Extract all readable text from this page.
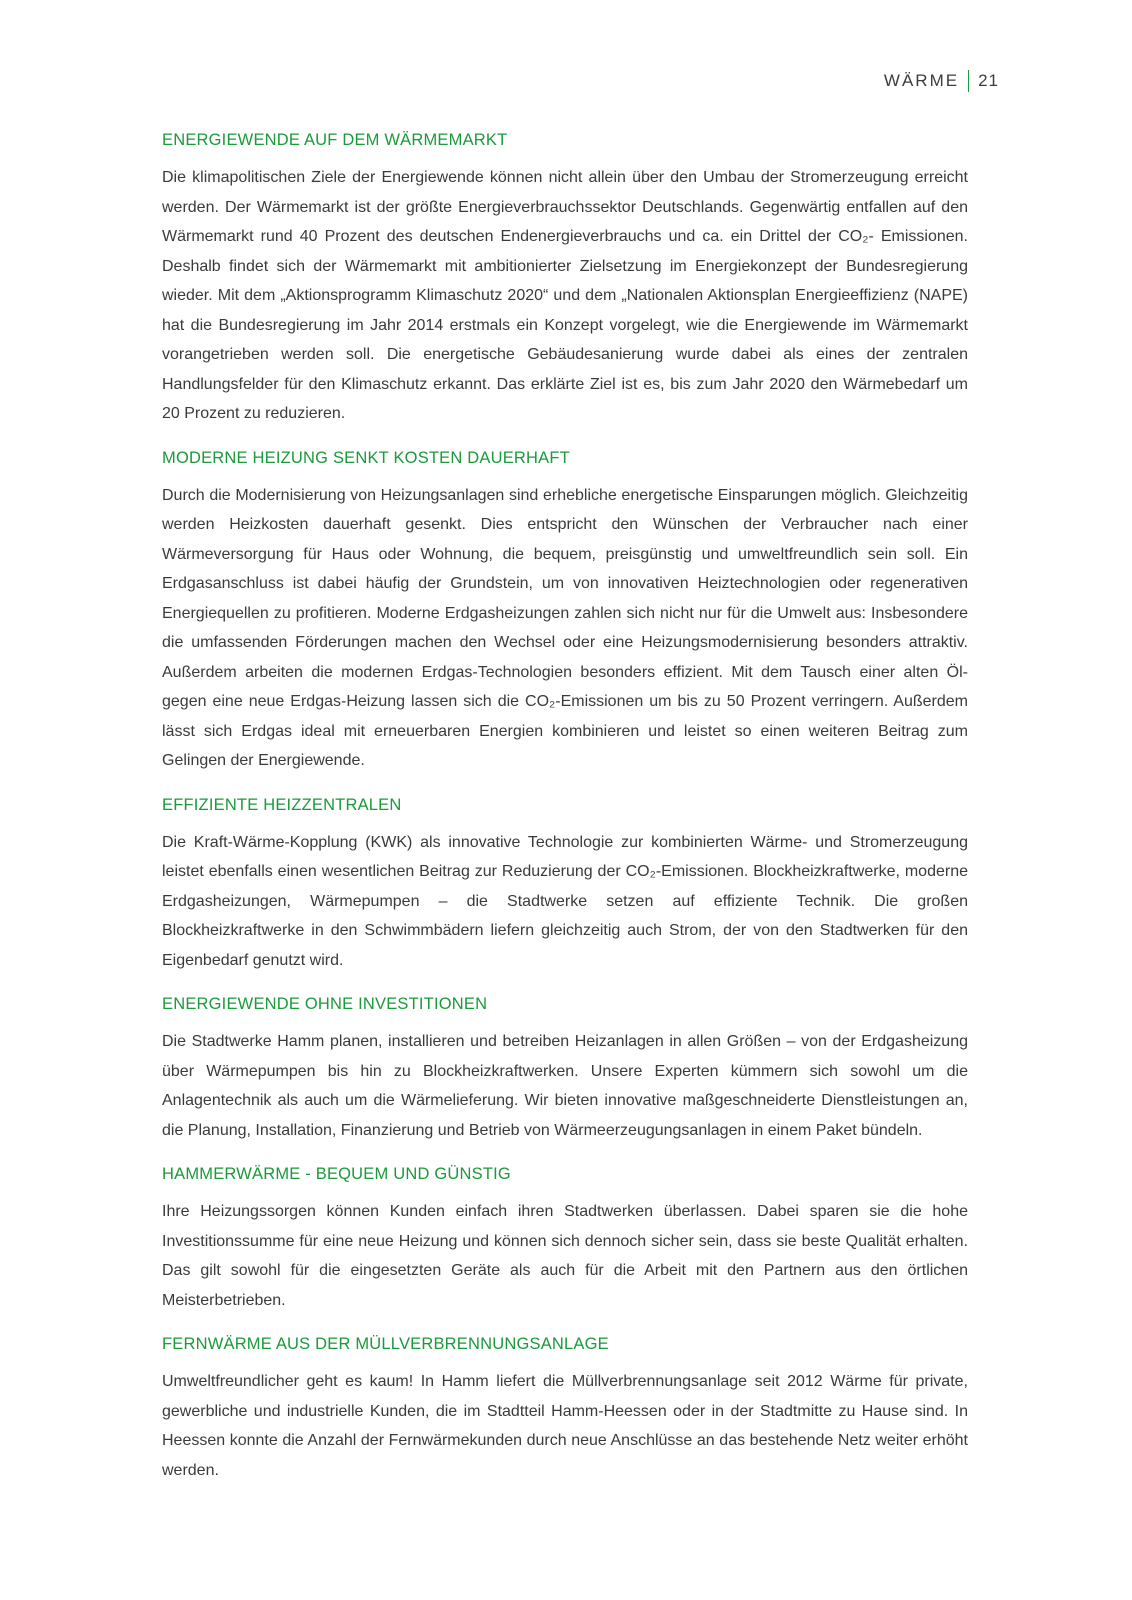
WÄRME 21
ENERGIEWENDE AUF DEM WÄRMEMARKT

Die klimapolitischen Ziele der Energiewende können nicht allein über den Umbau der Stromerzeugung erreicht werden. Der Wärmemarkt ist der größte Energieverbrauchssektor Deutschlands. Gegenwärtig entfallen auf den Wärmemarkt rund 40 Prozent des deutschen Endenergieverbrauchs und ca. ein Drittel der CO₂- Emissionen. Deshalb findet sich der Wärmemarkt mit ambitionierter Zielsetzung im Energiekonzept der Bundesregierung wieder. Mit dem „Aktionsprogramm Klimaschutz 2020“ und dem „Nationalen Aktionsplan Energieeffizienz (NAPE) hat die Bundesregierung im Jahr 2014 erstmals ein Konzept vorgelegt, wie die Energiewende im Wärmemarkt vorangetrieben werden soll. Die energetische Gebäudesanierung wurde dabei als eines der zentralen Handlungsfelder für den Klimaschutz erkannt. Das erklärte Ziel ist es, bis zum Jahr 2020 den Wärmebedarf um 20 Prozent zu reduzieren.

MODERNE HEIZUNG SENKT KOSTEN DAUERHAFT

Durch die Modernisierung von Heizungsanlagen sind erhebliche energetische Einsparungen möglich. Gleichzeitig werden Heizkosten dauerhaft gesenkt. Dies entspricht den Wünschen der Verbraucher nach einer Wärmeversorgung für Haus oder Wohnung, die bequem, preisgünstig und umweltfreundlich sein soll. Ein Erdgasanschluss ist dabei häufig der Grundstein, um von innovativen Heiztechnologien oder regenerativen Energiequellen zu profitieren. Moderne Erdgasheizungen zahlen sich nicht nur für die Umwelt aus: Insbesondere die umfassenden Förderungen machen den Wechsel oder eine Heizungsmodernisierung besonders attraktiv. Außerdem arbeiten die modernen Erdgas-Technologien besonders effizient. Mit dem Tausch einer alten Öl- gegen eine neue Erdgas-Heizung lassen sich die CO₂-Emissionen um bis zu 50 Prozent verringern. Außerdem lässt sich Erdgas ideal mit erneuerbaren Energien kombinieren und leistet so einen weiteren Beitrag zum Gelingen der Energiewende.

EFFIZIENTE HEIZZENTRALEN

Die Kraft-Wärme-Kopplung (KWK) als innovative Technologie zur kombinierten Wärme- und Stromerzeugung leistet ebenfalls einen wesentlichen Beitrag zur Reduzierung der CO₂-Emissionen. Blockheizkraftwerke, moderne Erdgasheizungen, Wärmepumpen – die Stadtwerke setzen auf effiziente Technik. Die großen Blockheizkraftwerke in den Schwimmbädern liefern gleichzeitig auch Strom, der von den Stadtwerken für den Eigenbedarf genutzt wird.

ENERGIEWENDE OHNE INVESTITIONEN

Die Stadtwerke Hamm planen, installieren und betreiben Heizanlagen in allen Größen – von der Erdgasheizung über Wärmepumpen bis hin zu Blockheizkraftwerken. Unsere Experten kümmern sich sowohl um die Anlagentechnik als auch um die Wärmelieferung. Wir bieten innovative maßgeschneiderte Dienstleistungen an, die Planung, Installation, Finanzierung und Betrieb von Wärmeerzeugungsanlagen in einem Paket bündeln.

HAMMERWÄRME - BEQUEM UND GÜNSTIG

Ihre Heizungssorgen können Kunden einfach ihren Stadtwerken überlassen. Dabei sparen sie die hohe Investitionssumme für eine neue Heizung und können sich dennoch sicher sein, dass sie beste Qualität erhalten. Das gilt sowohl für die eingesetzten Geräte als auch für die Arbeit mit den Partnern aus den örtlichen Meisterbetrieben.

FERNWÄRME AUS DER MÜLLVERBRENNUNGSANLAGE

Umweltfreundlicher geht es kaum! In Hamm liefert die Müllverbrennungsanlage seit 2012 Wärme für private, gewerbliche und industrielle Kunden, die im Stadtteil Hamm-Heessen oder in der Stadtmitte zu Hause sind. In Heessen konnte die Anzahl der Fernwärmekunden durch neue Anschlüsse an das bestehende Netz weiter erhöht werden.
